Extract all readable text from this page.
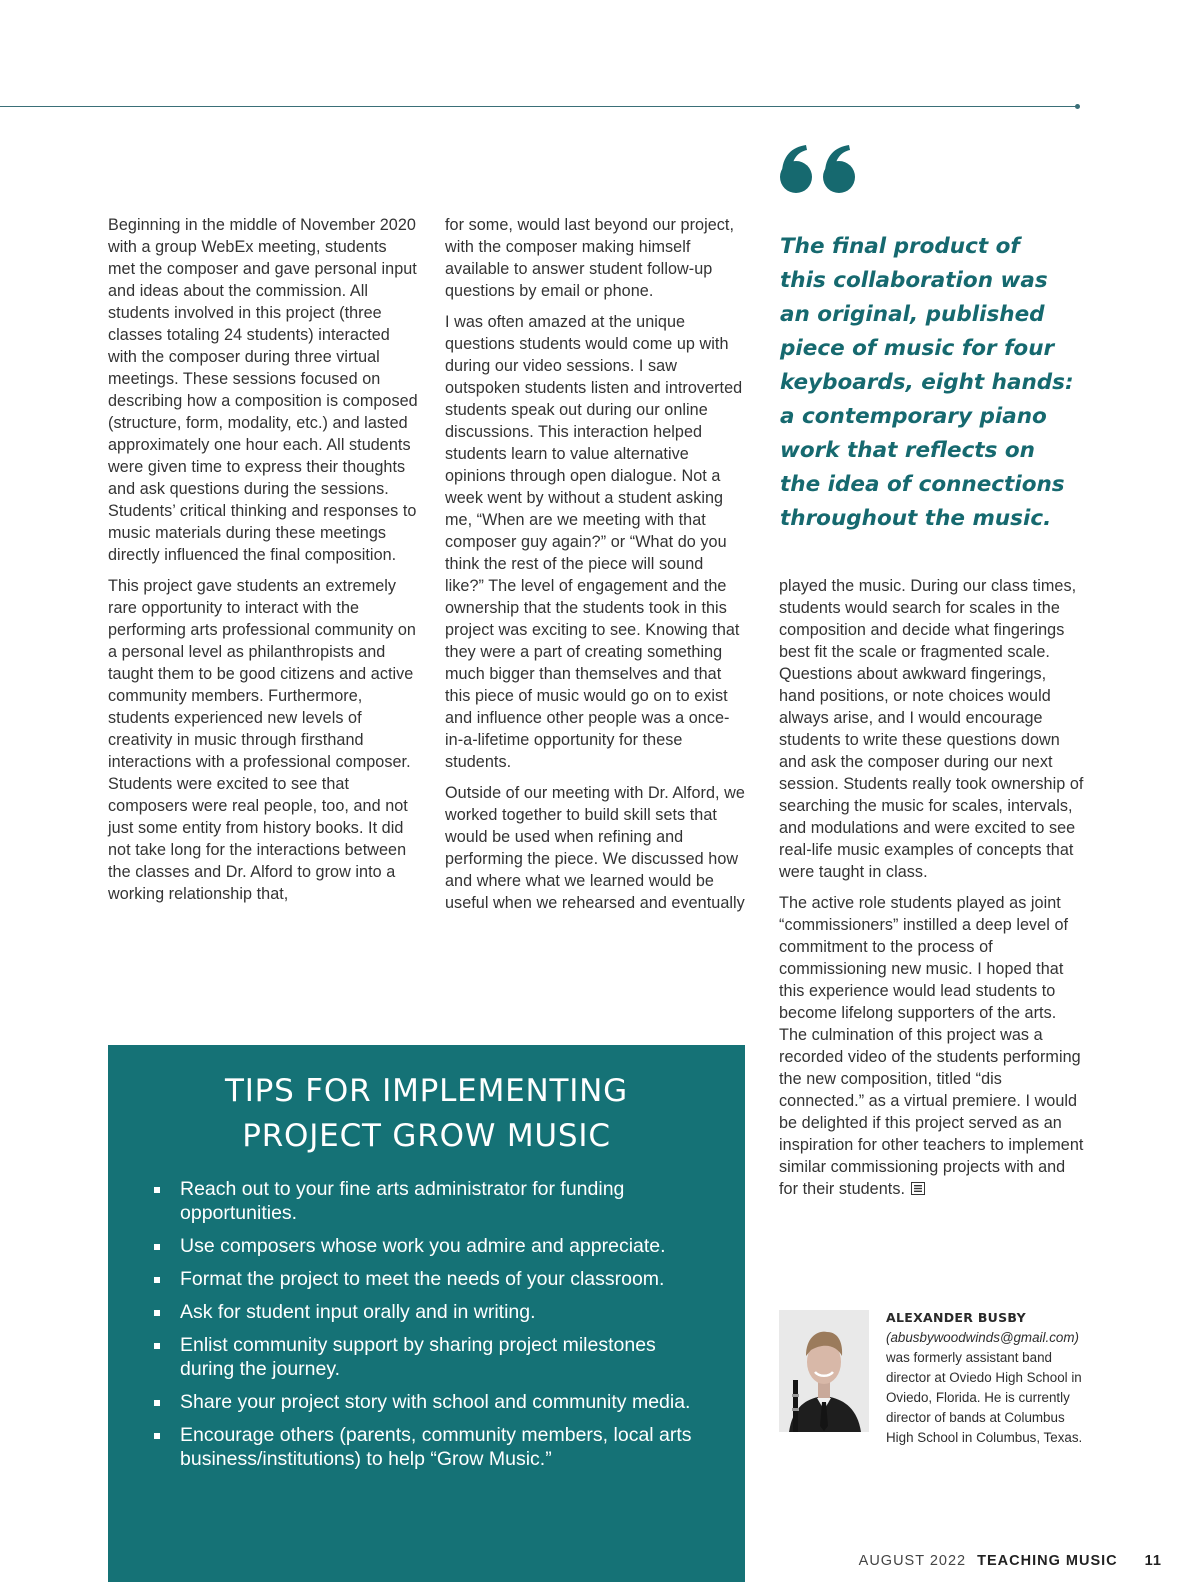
Beginning in the middle of November 2020 with a group WebEx meeting, students met the composer and gave personal input and ideas about the commission. All students involved in this project (three classes totaling 24 students) interacted with the composer during three virtual meetings. These sessions focused on describing how a composition is composed (structure, form, modality, etc.) and lasted approximately one hour each. All students were given time to express their thoughts and ask questions during the sessions. Students’ critical thinking and responses to music materials during these meetings directly influenced the final composition.

This project gave students an extremely rare opportunity to interact with the performing arts professional community on a personal level as philanthropists and taught them to be good citizens and active community members. Furthermore, students experienced new levels of creativity in music through firsthand interactions with a professional composer. Students were excited to see that composers were real people, too, and not just some entity from history books. It did not take long for the interactions between the classes and Dr. Alford to grow into a working relationship that,

for some, would last beyond our project, with the composer making himself available to answer student follow-up questions by email or phone.

I was often amazed at the unique questions students would come up with during our video sessions. I saw outspoken students listen and introverted students speak out during our online discussions. This interaction helped students learn to value alternative opinions through open dialogue. Not a week went by without a student asking me, “When are we meeting with that composer guy again?” or “What do you think the rest of the piece will sound like?” The level of engagement and the ownership that the students took in this project was exciting to see. Knowing that they were a part of creating something much bigger than themselves and that this piece of music would go on to exist and influence other people was a once-in-a-lifetime opportunity for these students.

Outside of our meeting with Dr. Alford, we worked together to build skill sets that would be used when refining and performing the piece. We discussed how and where what we learned would be useful when we rehearsed and eventually

The final product of
this collaboration was
an original, published
piece of music for four
keyboards, eight hands:
a contemporary piano
work that reflects on
the idea of connections
throughout the music.

played the music. During our class times, students would search for scales in the composition and decide what fingerings best fit the scale or fragmented scale. Questions about awkward fingerings, hand positions, or note choices would always arise, and I would encourage students to write these questions down and ask the composer during our next session. Students really took ownership of searching the music for scales, intervals, and modulations and were excited to see real-life music examples of concepts that were taught in class.

The active role students played as joint “commissioners” instilled a deep level of commitment to the process of commissioning new music. I hoped that this experience would lead students to become lifelong supporters of the arts. The culmination of this project was a recorded video of the students performing the new composition, titled “dis connected.” as a virtual premiere. I would be delighted if this project served as an inspiration for other teachers to implement similar commissioning projects with and for their students.

TIPS FOR IMPLEMENTING
PROJECT GROW MUSIC
Reach out to your fine arts administrator for funding opportunities.
Use composers whose work you admire and appreciate.
Format the project to meet the needs of your classroom.
Ask for student input orally and in writing.
Enlist community support by sharing project milestones during the journey.
Share your project story with school and community media.
Encourage others (parents, community members, local arts business/institutions) to help “Grow Music.”
ALEXANDER BUSBY
(abusbywoodwinds@gmail.com) was formerly assistant band director at Oviedo High School in Oviedo, Florida. He is currently director of bands at Columbus High School in Columbus, Texas.
AUGUST 2022 TEACHING MUSIC 11
